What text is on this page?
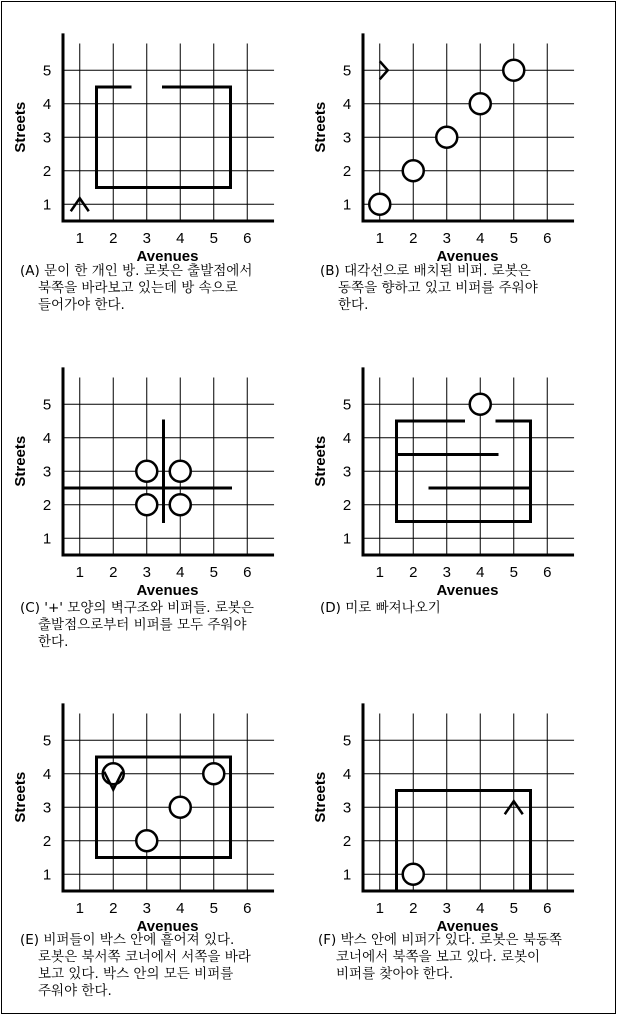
1 2 3 4 5 6
1
2
3
4
5
Avenues
Streets
1 2 3 4 5 6
1
2
3
4
5
Avenues
Streets
1 2 3 4 5 6
1
2
3
4
5
Avenues
Streets
1 2 3 4 5 6
1
2
3
4
5
Avenues
Streets
1 2 3 4 5 6
1
2
3
4
5
Avenues
Streets
1 2 3 4 5 6
1
2
3
4
5
Avenues
Streets
(A) 문이 한 개인 방. 로봇은 출발점에서
북쪽을 바라보고 있는데 방 속으로
들어가야 한다.
(B) 대각선으로 배치된 비퍼. 로봇은
동쪽을 향하고 있고 비퍼를 주워야
한다.
(C) '+' 모양의 벽구조와 비퍼들. 로봇은
출발점으로부터 비퍼를 모두 주워야
한다.
(D) 미로 빠져나오기
(E) 비퍼들이 박스 안에 흩어져 있다.
로봇은 북서쪽 코너에서 서쪽을 바라
보고 있다. 박스 안의 모든 비퍼를
주워야 한다.
(F) 박스 안에 비퍼가 있다. 로봇은 북동쪽
코너에서 북쪽을 보고 있다. 로봇이
비퍼를 찾아야 한다.
